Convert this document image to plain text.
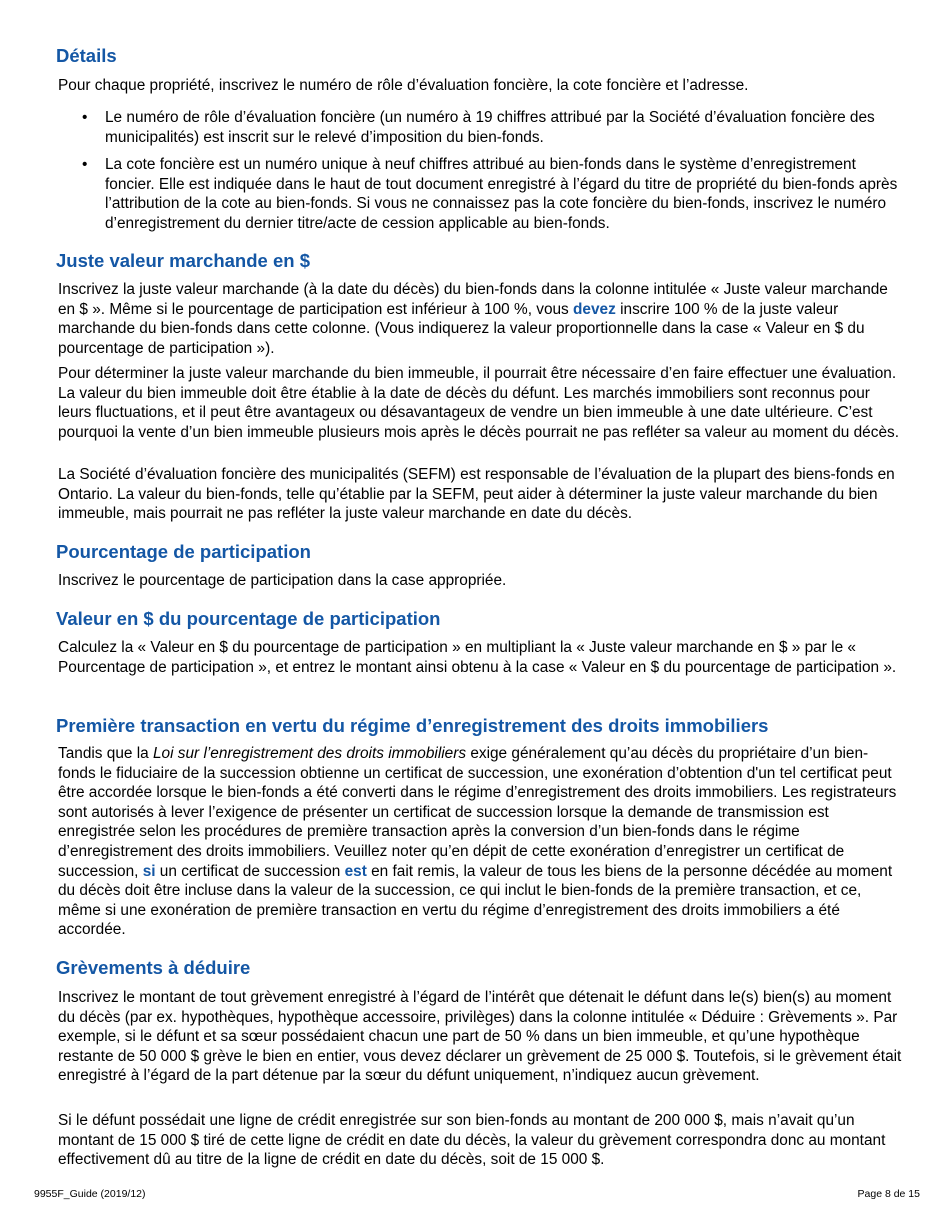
Détails

Pour chaque propriété, inscrivez le numéro de rôle d’évaluation foncière, la cote foncière et l’adresse.

• Le numéro de rôle d’évaluation foncière (un numéro à 19 chiffres attribué par la Société d’évaluation foncière des municipalités) est inscrit sur le relevé d’imposition du bien-fonds.
• La cote foncière est un numéro unique à neuf chiffres attribué au bien-fonds dans le système d’enregistrement foncier. Elle est indiquée dans le haut de tout document enregistré à l’égard du titre de propriété du bien-fonds après l’attribution de la cote au bien-fonds. Si vous ne connaissez pas la cote foncière du bien-fonds, inscrivez le numéro d’enregistrement du dernier titre/acte de cession applicable au bien-fonds.
Juste valeur marchande en $

Inscrivez la juste valeur marchande (à la date du décès) du bien-fonds dans la colonne intitulée « Juste valeur marchande en $ ». Même si le pourcentage de participation est inférieur à 100 %, vous devez inscrire 100 % de la juste valeur marchande du bien-fonds dans cette colonne. (Vous indiquerez la valeur proportionnelle dans la case « Valeur en $ du pourcentage de participation »).

Pour déterminer la juste valeur marchande du bien immeuble, il pourrait être nécessaire d’en faire effectuer une évaluation. La valeur du bien immeuble doit être établie à la date de décès du défunt. Les marchés immobiliers sont reconnus pour leurs fluctuations, et il peut être avantageux ou désavantageux de vendre un bien immeuble à une date ultérieure. C’est pourquoi la vente d’un bien immeuble plusieurs mois après le décès pourrait ne pas refléter sa valeur au moment du décès.

La Société d’évaluation foncière des municipalités (SEFM) est responsable de l’évaluation de la plupart des biens-fonds en Ontario. La valeur du bien-fonds, telle qu’établie par la SEFM, peut aider à déterminer la juste valeur marchande du bien immeuble, mais pourrait ne pas refléter la juste valeur marchande en date du décès.

Pourcentage de participation

Inscrivez le pourcentage de participation dans la case appropriée.

Valeur en $ du pourcentage de participation

Calculez la « Valeur en $ du pourcentage de participation » en multipliant la « Juste valeur marchande en $ » par le « Pourcentage de participation », et entrez le montant ainsi obtenu à la case « Valeur en $ du pourcentage de participation ».

Première transaction en vertu du régime d’enregistrement des droits immobiliers

Tandis que la Loi sur l’enregistrement des droits immobiliers exige généralement qu’au décès du propriétaire d’un bien-fonds le fiduciaire de la succession obtienne un certificat de succession, une exonération d’obtention d'un tel certificat peut être accordée lorsque le bien-fonds a été converti dans le régime d’enregistrement des droits immobiliers. Les registrateurs sont autorisés à lever l’exigence de présenter un certificat de succession lorsque la demande de transmission est enregistrée selon les procédures de première transaction après la conversion d’un bien-fonds dans le régime d’enregistrement des droits immobiliers. Veuillez noter qu’en dépit de cette exonération d’enregistrer un certificat de succession, si un certificat de succession est en fait remis, la valeur de tous les biens de la personne décédée au moment du décès doit être incluse dans la valeur de la succession, ce qui inclut le bien-fonds de la première transaction, et ce, même si une exonération de première transaction en vertu du régime d’enregistrement des droits immobiliers a été accordée.

Grèvements à déduire

Inscrivez le montant de tout grèvement enregistré à l’égard de l’intérêt que détenait le défunt dans le(s) bien(s) au moment du décès (par ex. hypothèques, hypothèque accessoire, privilèges) dans la colonne intitulée « Déduire : Grèvements ». Par exemple, si le défunt et sa sœur possédaient chacun une part de 50 % dans un bien immeuble, et qu’une hypothèque restante de 50 000 $ grève le bien en entier, vous devez déclarer un grèvement de 25 000 $. Toutefois, si le grèvement était enregistré à l’égard de la part détenue par la sœur du défunt uniquement, n’indiquez aucun grèvement.

Si le défunt possédait une ligne de crédit enregistrée sur son bien-fonds au montant de 200 000 $, mais n’avait qu’un montant de 15 000 $ tiré de cette ligne de crédit en date du décès, la valeur du grèvement correspondra donc au montant effectivement dû au titre de la ligne de crédit en date du décès, soit de 15 000 $.

9955F_Guide (2019/12)	Page 8 de 15
